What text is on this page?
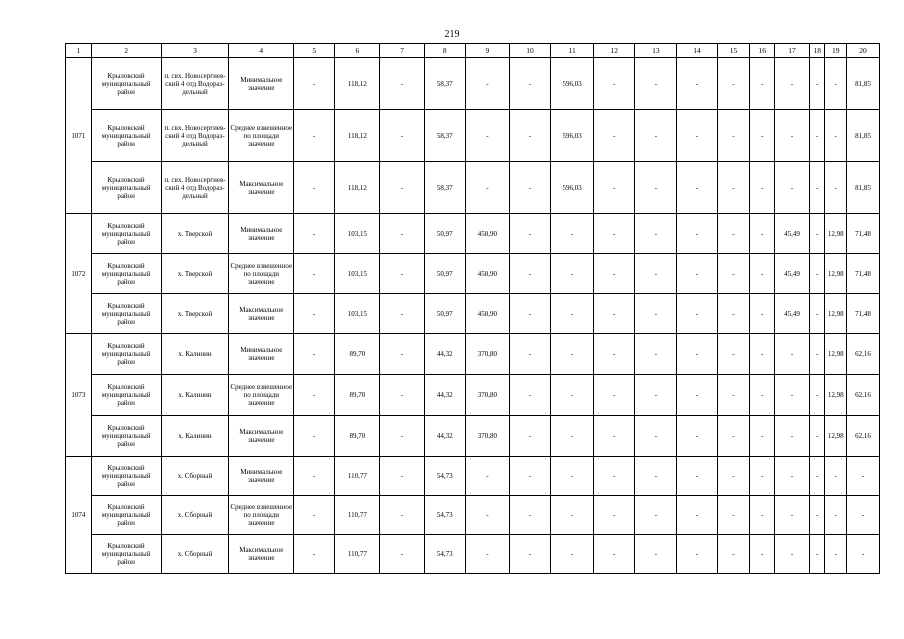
219
1	2	3	4	5	6	7	8	9	10	11	12	13	14	15	16	17	18	19	20
1071	Крыловский муниципальный район	п. свх. Новосергиев-ский 4 отд Водораз-дельный	Минимальное значение	-	118,12	-	58,37	-	-	596,03	-	-	-	-	-	-	-	-	81,85
	Крыловский муниципальный район	п. свх. Новосергиев-ский 4 отд Водораз-дельный	Среднее взвешенное по площади значение	-	118,12	-	58,37	-	-	596,03	-	-	-	-	-	-	-	-	81,85
	Крыловский муниципальный район	п. свх. Новосергиев-ский 4 отд Водораз-дельный	Максимальное значение	-	118,12	-	58,37	-	-	596,03	-	-	-	-	-	-	-	-	81,85
1072	Крыловский муниципальный район	х. Тверской	Минимальное значение	-	103,15	-	50,97	458,90	-	-	-	-	-	-	-	45,49	-	12,98	71,48
	Крыловский муниципальный район	х. Тверской	Среднее взвешенное по площади значение	-	103,15	-	50,97	458,90	-	-	-	-	-	-	-	45,49	-	12,98	71,48
	Крыловский муниципальный район	х. Тверской	Максимальное значение	-	103,15	-	50,97	458,90	-	-	-	-	-	-	-	45,49	-	12,98	71,48
1073	Крыловский муниципальный район	х. Калинин	Минимальное значение	-	89,70	-	44,32	370,80	-	-	-	-	-	-	-	-	-	12,98	62,16
	Крыловский муниципальный район	х. Калинин	Среднее взвешенное по площади значение	-	89,70	-	44,32	370,80	-	-	-	-	-	-	-	-	-	12,98	62,16
	Крыловский муниципальный район	х. Калинин	Максимальное значение	-	89,70	-	44,32	370,80	-	-	-	-	-	-	-	-	-	12,98	62,16
1074	Крыловский муниципальный район	х. Сборный	Минимальное значение	-	110,77	-	54,73	-	-	-	-	-	-	-	-	-	-	-	-
	Крыловский муниципальный район	х. Сборный	Среднее взвешенное по площади значение	-	110,77	-	54,73	-	-	-	-	-	-	-	-	-	-	-	-
	Крыловский муниципальный район	х. Сборный	Максимальное значение	-	110,77	-	54,73	-	-	-	-	-	-	-	-	-	-	-	-
